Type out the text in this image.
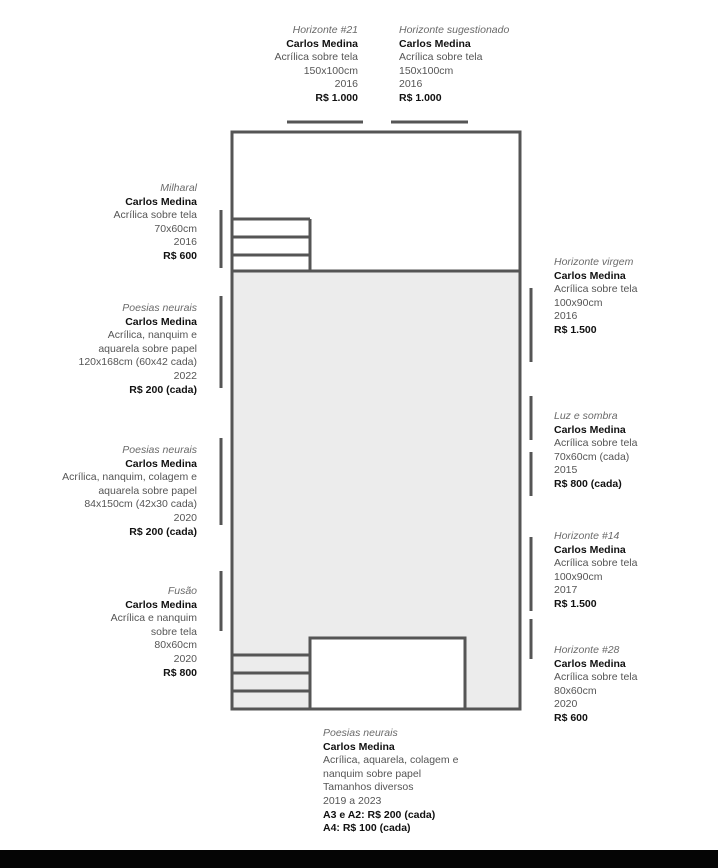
Horizonte #21
Carlos Medina
Acrílica sobre tela
150x100cm
2016
R$ 1.000
Horizonte sugestionado
Carlos Medina
Acrílica sobre tela
150x100cm
2016
R$ 1.000
Milharal
Carlos Medina
Acrílica sobre tela
70x60cm
2016
R$ 600
Poesias neurais
Carlos Medina
Acrílica, nanquim e
aquarela sobre papel
120x168cm (60x42 cada)
2022
R$ 200 (cada)
Poesias neurais
Carlos Medina
Acrílica, nanquim, colagem e
aquarela sobre papel
84x150cm (42x30 cada)
2020
R$ 200 (cada)
Fusão
Carlos Medina
Acrílica e nanquim
sobre tela
80x60cm
2020
R$ 800
Horizonte virgem
Carlos Medina
Acrílica sobre tela
100x90cm
2016
R$ 1.500
Luz e sombra
Carlos Medina
Acrílica sobre tela
70x60cm (cada)
2015
R$ 800 (cada)
Horizonte #14
Carlos Medina
Acrílica sobre tela
100x90cm
2017
R$ 1.500
Horizonte #28
Carlos Medina
Acrílica sobre tela
80x60cm
2020
R$ 600
Poesias neurais
Carlos Medina
Acrílica, aquarela, colagem e
nanquim sobre papel
Tamanhos diversos
2019 a 2023
A3 e A2: R$ 200 (cada)
A4: R$ 100 (cada)
